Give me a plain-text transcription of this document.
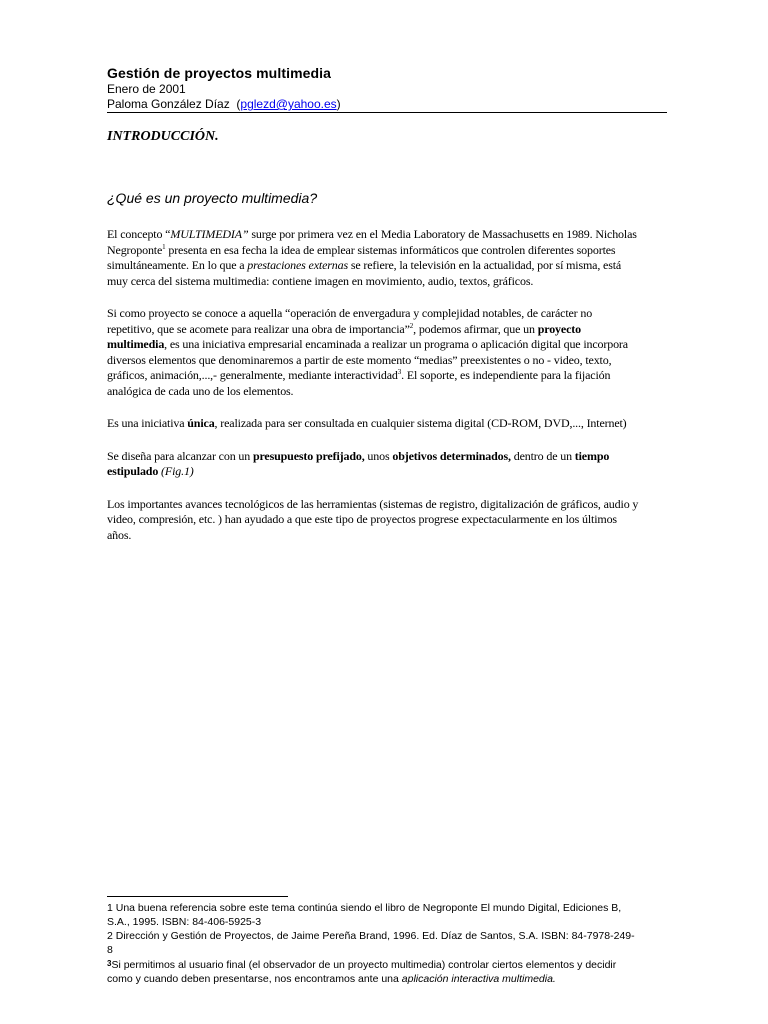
Gestión de proyectos multimedia
Enero de 2001
Paloma González Díaz  (pglezd@yahoo.es)
INTRODUCCIÓN.
¿Qué es un proyecto multimedia?

El concepto “MULTIMEDIA” surge por primera vez en el Media Laboratory de Massachusetts en 1989. Nicholas Negroponte$^1$ presenta en esa fecha la idea de emplear sistemas informáticos que controlen diferentes soportes simultáneamente. En lo que a prestaciones externas se refiere, la televisión en la actualidad, por sí misma, está muy cerca del sistema multimedia: contiene imagen en movimiento, audio, textos, gráficos.

Si como proyecto se conoce a aquella “operación de envergadura y complejidad notables, de carácter no repetitivo, que se acomete para realizar una obra de importancia”$^2$, podemos afirmar, que un proyecto multimedia, es una iniciativa empresarial encaminada a realizar un programa o aplicación digital que incorpora diversos elementos que denominaremos a partir de este momento “medias” preexistentes o no - video, texto, gráficos, animación,...,- generalmente, mediante interactividad$^3$. El soporte, es independiente para la fijación analógica de cada uno de los elementos.

Es una iniciativa única, realizada para ser consultada en cualquier sistema digital (CD-ROM, DVD,..., Internet)

Se diseña para alcanzar con un presupuesto prefijado, unos objetivos determinados, dentro de un tiempo estipulado (Fig.1)

Los importantes avances tecnológicos de las herramientas (sistemas de registro, digitalización de gráficos, audio y video, compresión, etc. ) han ayudado a que este tipo de proyectos progrese expectacularmente en los últimos años.

1 Una buena referencia sobre este tema continúa siendo el libro de Negroponte El mundo Digital, Ediciones B, S.A., 1995. ISBN: 84-406-5925-3
2 Dirección y Gestión de Proyectos, de Jaime Pereña Brand, 1996. Ed. Díaz de Santos, S.A. ISBN: 84-7978-249-8
3Si permitimos al usuario final (el observador de un proyecto multimedia) controlar ciertos elementos y decidir como y cuando deben presentarse, nos encontramos ante una aplicación interactiva multimedia.
